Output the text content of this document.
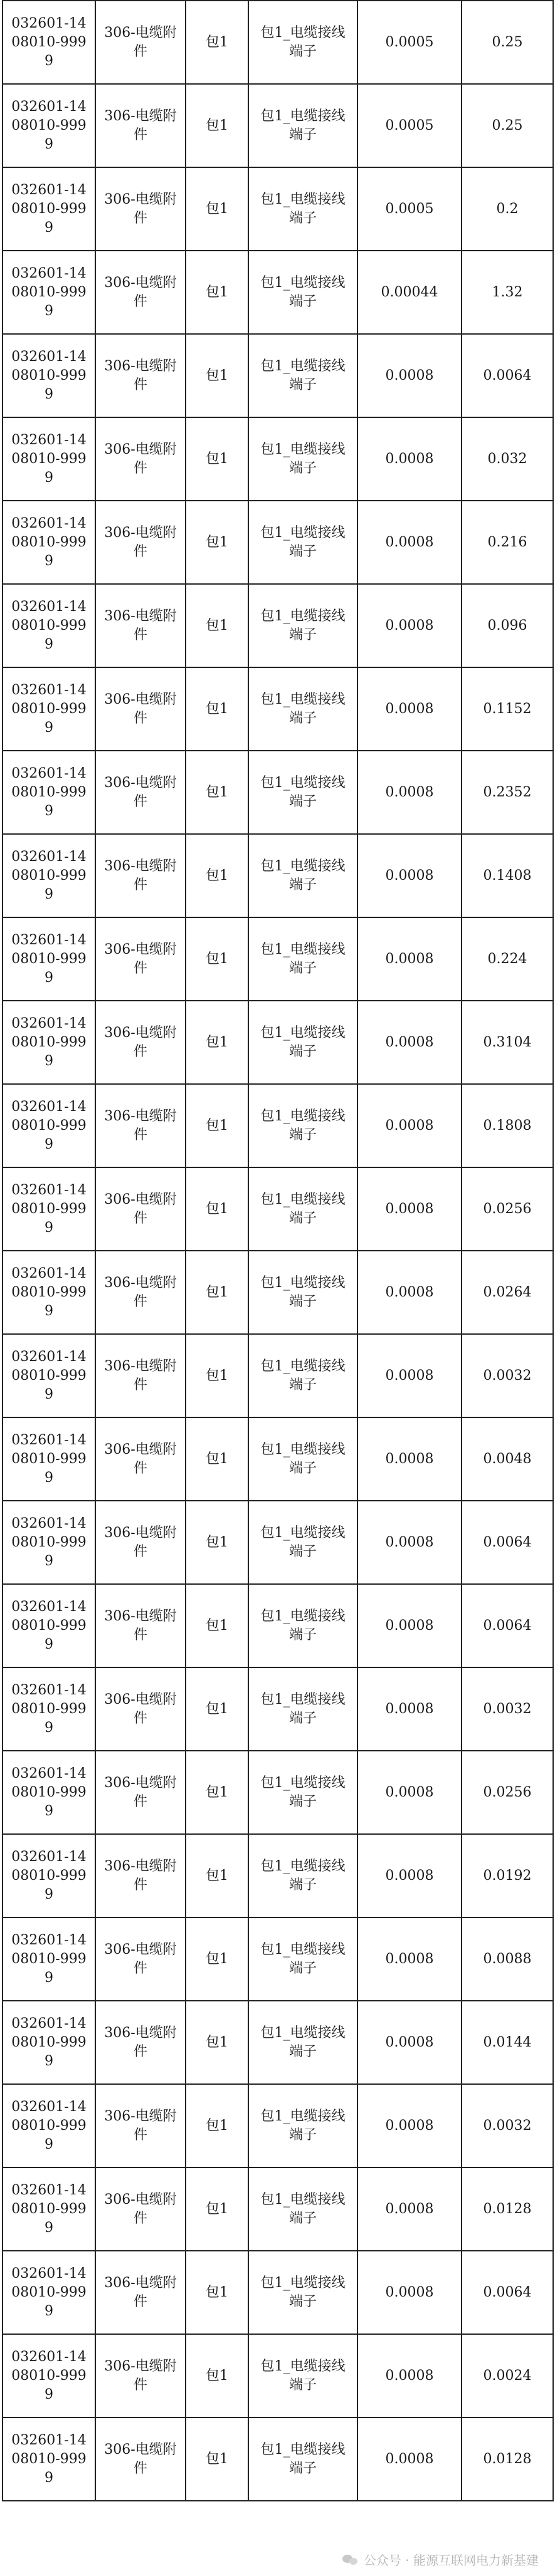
032601-1408010-9999	306-电缆附件	包1	包1_电缆接线端子	0.0005	0.25
032601-1408010-9999	306-电缆附件	包1	包1_电缆接线端子	0.0005	0.25
032601-1408010-9999	306-电缆附件	包1	包1_电缆接线端子	0.0005	0.2
032601-1408010-9999	306-电缆附件	包1	包1_电缆接线端子	0.00044	1.32
032601-1408010-9999	306-电缆附件	包1	包1_电缆接线端子	0.0008	0.0064
032601-1408010-9999	306-电缆附件	包1	包1_电缆接线端子	0.0008	0.032
032601-1408010-9999	306-电缆附件	包1	包1_电缆接线端子	0.0008	0.216
032601-1408010-9999	306-电缆附件	包1	包1_电缆接线端子	0.0008	0.096
032601-1408010-9999	306-电缆附件	包1	包1_电缆接线端子	0.0008	0.1152
032601-1408010-9999	306-电缆附件	包1	包1_电缆接线端子	0.0008	0.2352
032601-1408010-9999	306-电缆附件	包1	包1_电缆接线端子	0.0008	0.1408
032601-1408010-9999	306-电缆附件	包1	包1_电缆接线端子	0.0008	0.224
032601-1408010-9999	306-电缆附件	包1	包1_电缆接线端子	0.0008	0.3104
032601-1408010-9999	306-电缆附件	包1	包1_电缆接线端子	0.0008	0.1808
032601-1408010-9999	306-电缆附件	包1	包1_电缆接线端子	0.0008	0.0256
032601-1408010-9999	306-电缆附件	包1	包1_电缆接线端子	0.0008	0.0264
032601-1408010-9999	306-电缆附件	包1	包1_电缆接线端子	0.0008	0.0032
032601-1408010-9999	306-电缆附件	包1	包1_电缆接线端子	0.0008	0.0048
032601-1408010-9999	306-电缆附件	包1	包1_电缆接线端子	0.0008	0.0064
032601-1408010-9999	306-电缆附件	包1	包1_电缆接线端子	0.0008	0.0064
032601-1408010-9999	306-电缆附件	包1	包1_电缆接线端子	0.0008	0.0032
032601-1408010-9999	306-电缆附件	包1	包1_电缆接线端子	0.0008	0.0256
032601-1408010-9999	306-电缆附件	包1	包1_电缆接线端子	0.0008	0.0192
032601-1408010-9999	306-电缆附件	包1	包1_电缆接线端子	0.0008	0.0088
032601-1408010-9999	306-电缆附件	包1	包1_电缆接线端子	0.0008	0.0144
032601-1408010-9999	306-电缆附件	包1	包1_电缆接线端子	0.0008	0.0032
032601-1408010-9999	306-电缆附件	包1	包1_电缆接线端子	0.0008	0.0128
032601-1408010-9999	306-电缆附件	包1	包1_电缆接线端子	0.0008	0.0064
032601-1408010-9999	306-电缆附件	包1	包1_电缆接线端子	0.0008	0.0024
032601-1408010-9999	306-电缆附件	包1	包1_电缆接线端子	0.0008	0.0128
公众号 · 能源互联网电力新基建
